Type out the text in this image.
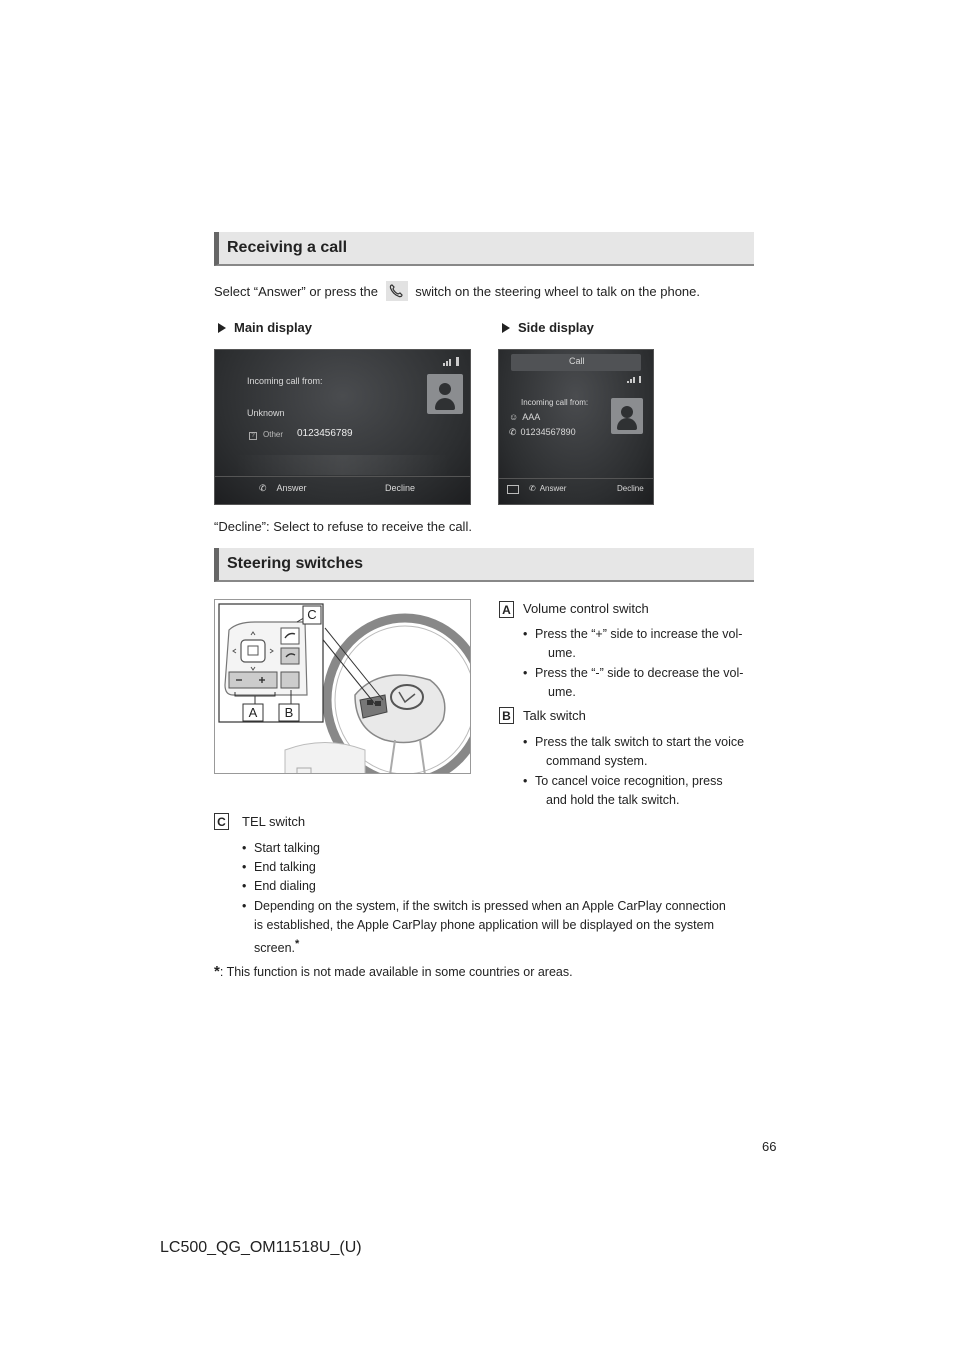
Receiving a call
Select “Answer” or press the	switch on the steering wheel to talk on the phone.
Main display	Side display
Incoming call from:
Unknown
? Other 0123456789
✆ Answer	Decline
Call
Incoming call from:
☺ AAA
✆ 01234567890
✆ Answer	Decline
“Decline”: Select to refuse to receive the call.
Steering switches
A	B
C	A Volume control switch
• Press the “+” side to increase the vol-
ume.
• Press the “-” side to decrease the vol-
ume.
B Talk switch
• Press the talk switch to start the voice
command system.
• To cancel voice recognition, press
and hold the talk switch.
C TEL switch
• Start talking
• End talking
• End dialing
• Depending on the system, if the switch is pressed when an Apple CarPlay connection
is established, the Apple CarPlay phone application will be displayed on the system
screen.*
*: This function is not made available in some countries or areas.
66
LC500_QG_OM11518U_(U)
